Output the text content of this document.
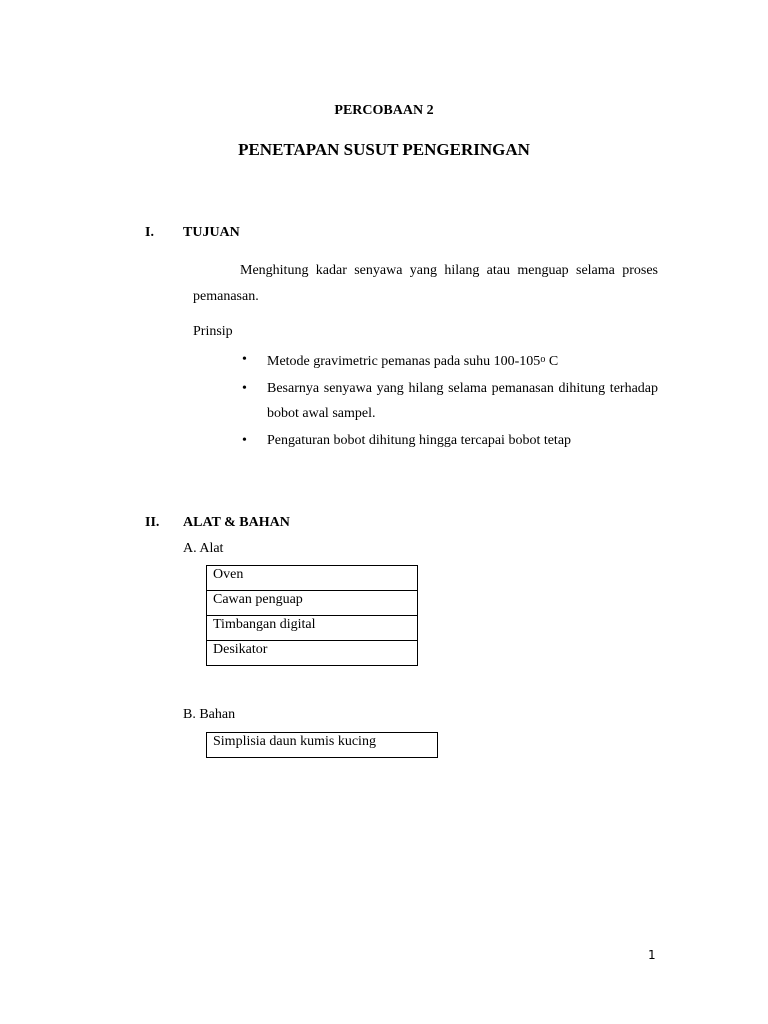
PERCOBAAN 2
PENETAPAN SUSUT PENGERINGAN
I. TUJUAN
Menghitung kadar senyawa yang hilang atau menguap selama proses pemanasan.
Prinsip
• Metode gravimetric pemanas pada suhu 100-105$^o$ C
• Besarnya senyawa yang hilang selama pemanasan dihitung terhadap bobot awal sampel.
• Pengaturan bobot dihitung hingga tercapai bobot tetap
II. ALAT & BAHAN
A. Alat
Oven
Cawan penguap
Timbangan digital
Desikator
B. Bahan
Simplisia daun kumis kucing
1
